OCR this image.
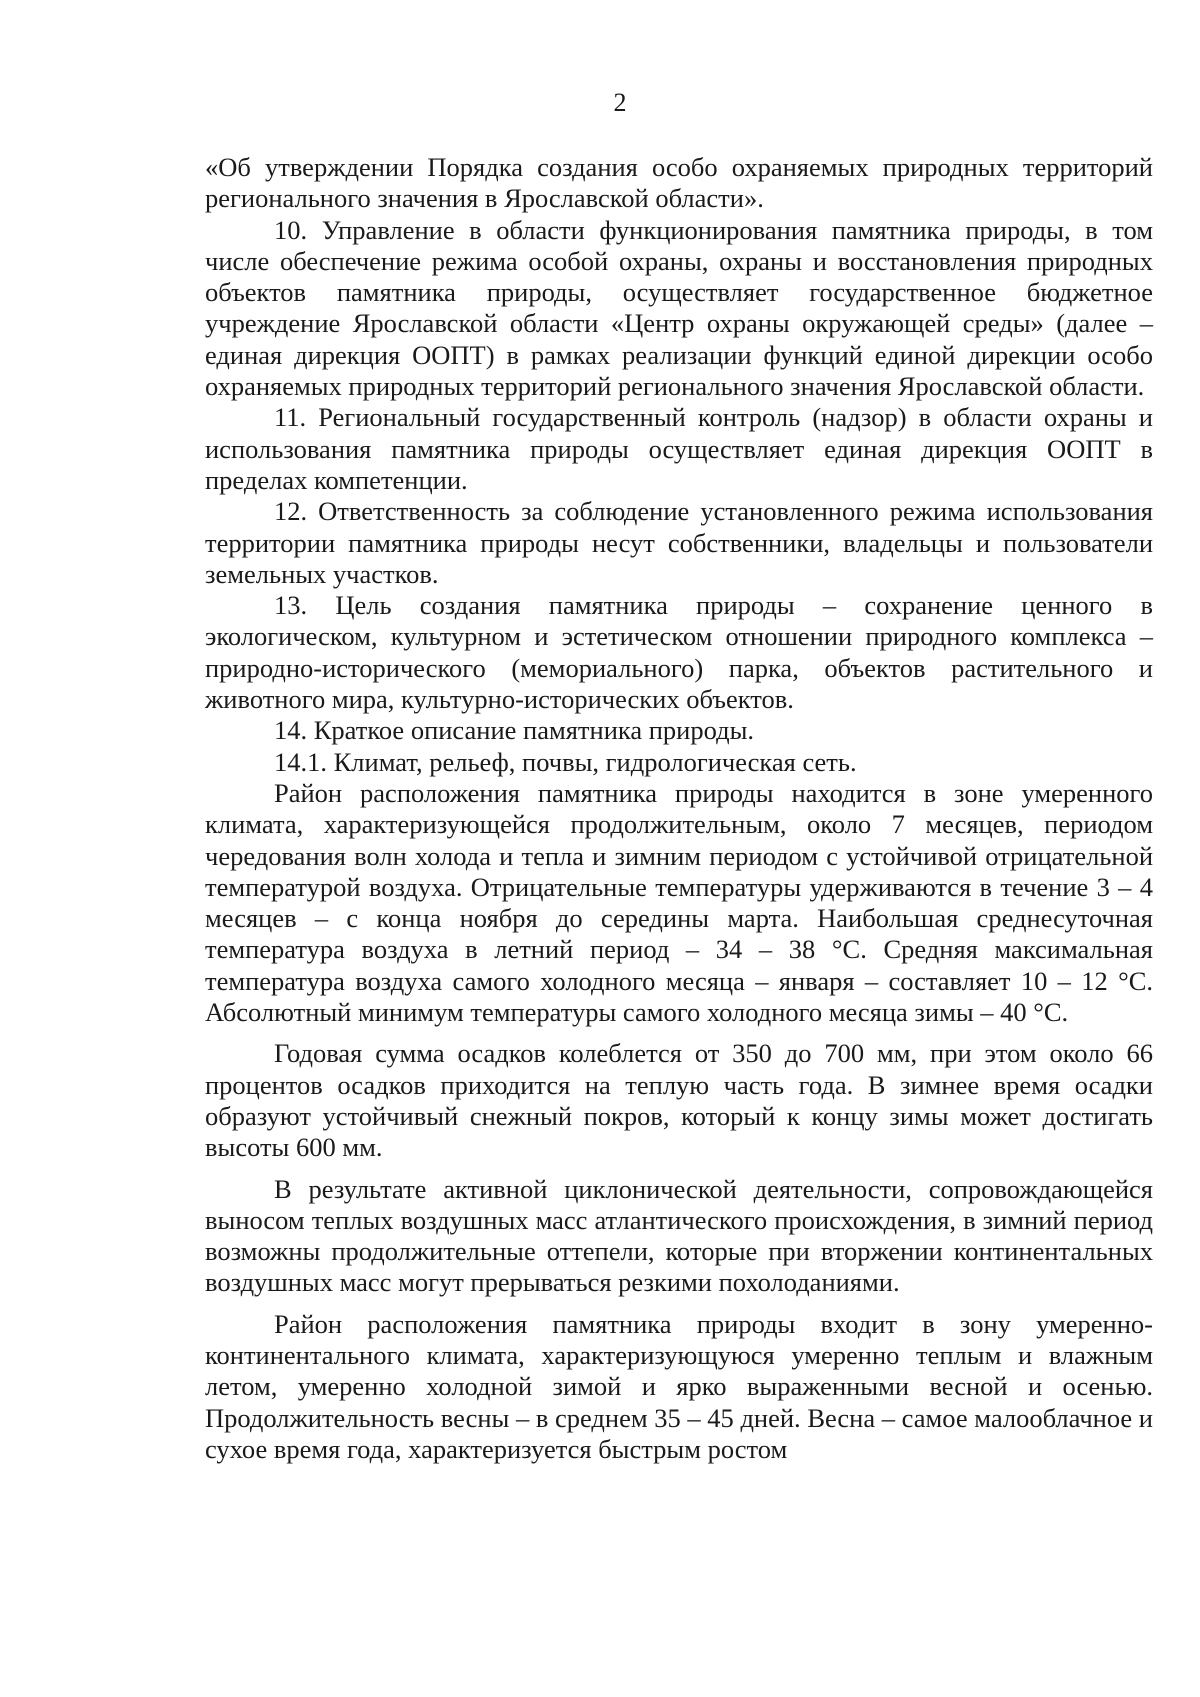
2

«Об утверждении Порядка создания особо охраняемых природных территорий регионального значения в Ярославской области».

10. Управление в области функционирования памятника природы, в том числе обеспечение режима особой охраны, охраны и восстановления природных объектов памятника природы, осуществляет государственное бюджетное учреждение Ярославской области «Центр охраны окружающей среды» (далее – единая дирекция ООПТ) в рамках реализации функций единой дирекции особо охраняемых природных территорий регионального значения Ярославской области.

11. Региональный государственный контроль (надзор) в области охраны и использования памятника природы осуществляет единая дирекция ООПТ в пределах компетенции.

12. Ответственность за соблюдение установленного режима использования территории памятника природы несут собственники, владельцы и пользователи земельных участков.

13. Цель создания памятника природы – сохранение ценного в экологическом, культурном и эстетическом отношении природного комплекса – природно-исторического (мемориального) парка, объектов растительного и животного мира, культурно-исторических объектов.

14. Краткое описание памятника природы.

14.1. Климат, рельеф, почвы, гидрологическая сеть.

Район расположения памятника природы находится в зоне умеренного климата, характеризующейся продолжительным, около 7 месяцев, периодом чередования волн холода и тепла и зимним периодом с устойчивой отрицательной температурой воздуха. Отрицательные температуры удерживаются в течение 3 – 4 месяцев – с конца ноября до середины марта. Наибольшая среднесуточная температура воздуха в летний период – 34 – 38 °C. Средняя максимальная температура воздуха самого холодного месяца – января – составляет 10 – 12 °C. Абсолютный минимум температуры самого холодного месяца зимы – 40 °C.

Годовая сумма осадков колеблется от 350 до 700 мм, при этом около 66 процентов осадков приходится на теплую часть года. В зимнее время осадки образуют устойчивый снежный покров, который к концу зимы может достигать высоты 600 мм.

В результате активной циклонической деятельности, сопровождающейся выносом теплых воздушных масс атлантического происхождения, в зимний период возможны продолжительные оттепели, которые при вторжении континентальных воздушных масс могут прерываться резкими похолоданиями.

Район расположения памятника природы входит в зону умеренно-континентального климата, характеризующуюся умеренно теплым и влажным летом, умеренно холодной зимой и ярко выраженными весной и осенью. Продолжительность весны – в среднем 35 – 45 дней. Весна – самое малооблачное и сухое время года, характеризуется быстрым ростом
